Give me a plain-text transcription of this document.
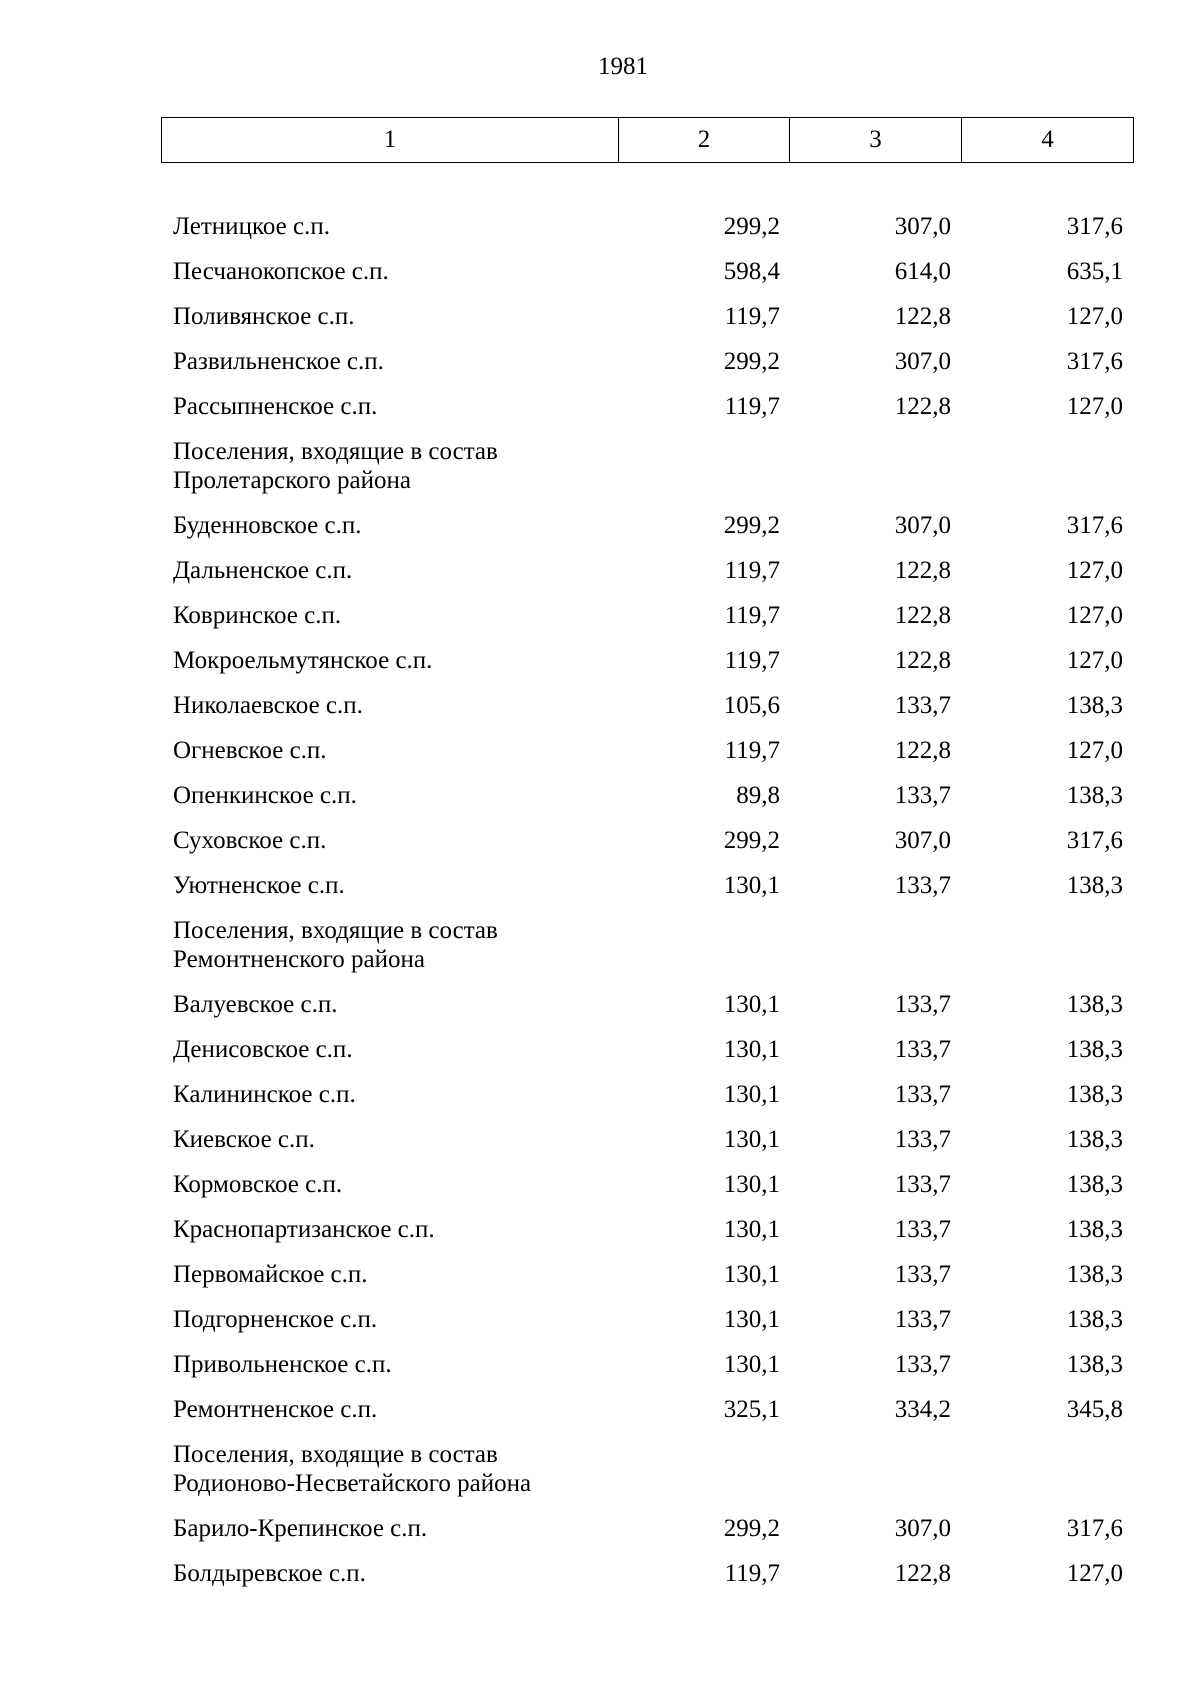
1981
1	2	3	4
Летницкое с.п.	299,2	307,0	317,6
Песчанокопское с.п.	598,4	614,0	635,1
Поливянское с.п.	119,7	122,8	127,0
Развильненское с.п.	299,2	307,0	317,6
Рассыпненское с.п.	119,7	122,8	127,0
Поселения, входящие в состав
Пролетарского района
Буденновское с.п.	299,2	307,0	317,6
Дальненское с.п.	119,7	122,8	127,0
Ковринское с.п.	119,7	122,8	127,0
Мокроельмутянское с.п.	119,7	122,8	127,0
Николаевское с.п.	105,6	133,7	138,3
Огневское с.п.	119,7	122,8	127,0
Опенкинское с.п.	89,8	133,7	138,3
Суховское с.п.	299,2	307,0	317,6
Уютненское с.п.	130,1	133,7	138,3
Поселения, входящие в состав
Ремонтненского района
Валуевское с.п.	130,1	133,7	138,3
Денисовское с.п.	130,1	133,7	138,3
Калининское с.п.	130,1	133,7	138,3
Киевское с.п.	130,1	133,7	138,3
Кормовское с.п.	130,1	133,7	138,3
Краснопартизанское с.п.	130,1	133,7	138,3
Первомайское с.п.	130,1	133,7	138,3
Подгорненское с.п.	130,1	133,7	138,3
Привольненское с.п.	130,1	133,7	138,3
Ремонтненское с.п.	325,1	334,2	345,8
Поселения, входящие в состав
Родионово-Несветайского района
Барило-Крепинское с.п.	299,2	307,0	317,6
Болдыревское с.п.	119,7	122,8	127,0
